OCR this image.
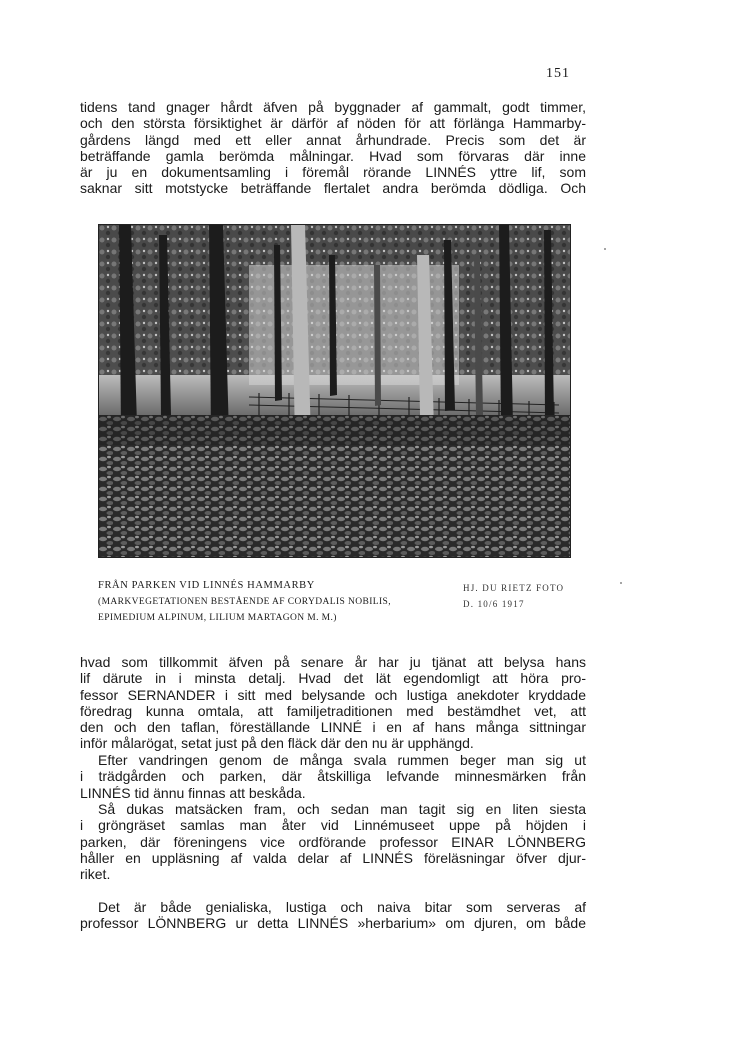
151
tidens tand gnager hårdt äfven på byggnader af gammalt, godt timmer,
och den största försiktighet är därför af nöden för att förlänga Hammarby-
gårdens längd med ett eller annat århundrade. Precis som det är
beträffande gamla berömda målningar. Hvad som förvaras där inne
är ju en dokumentsamling i föremål rörande LINNÉS yttre lif, som
saknar sitt motstycke beträffande flertalet andra berömda dödliga. Och
FRÅN PARKEN VID LINNÉS HAMMARBY
(MARKVEGETATIONEN BESTÅENDE AF CORYDALIS NOBILIS,
EPIMEDIUM ALPINUM, LILIUM MARTAGON M. M.)
HJ. DU RIETZ FOTO
D. 10/6 1917
hvad som tillkommit äfven på senare år har ju tjänat att belysa hans
lif därute in i minsta detalj. Hvad det lät egendomligt att höra pro-
fessor SERNANDER i sitt med belysande och lustiga anekdoter kryddade
föredrag kunna omtala, att familjetraditionen med bestämdhet vet, att
den och den taflan, föreställande LINNÉ i en af hans många sittningar
inför målarögat, setat just på den fläck där den nu är upphängd.
Efter vandringen genom de många svala rummen beger man sig ut
i trädgården och parken, där åtskilliga lefvande minnesmärken från
LINNÉS tid ännu finnas att beskåda.
Så dukas matsäcken fram, och sedan man tagit sig en liten siesta
i gröngräset samlas man åter vid Linnémuseet uppe på höjden i
parken, där föreningens vice ordförande professor EINAR LÖNNBERG
håller en uppläsning af valda delar af LINNÉS föreläsningar öfver djur-
riket.
Det är både genialiska, lustiga och naiva bitar som serveras af
professor LÖNNBERG ur detta LINNÉS »herbarium» om djuren, om både
